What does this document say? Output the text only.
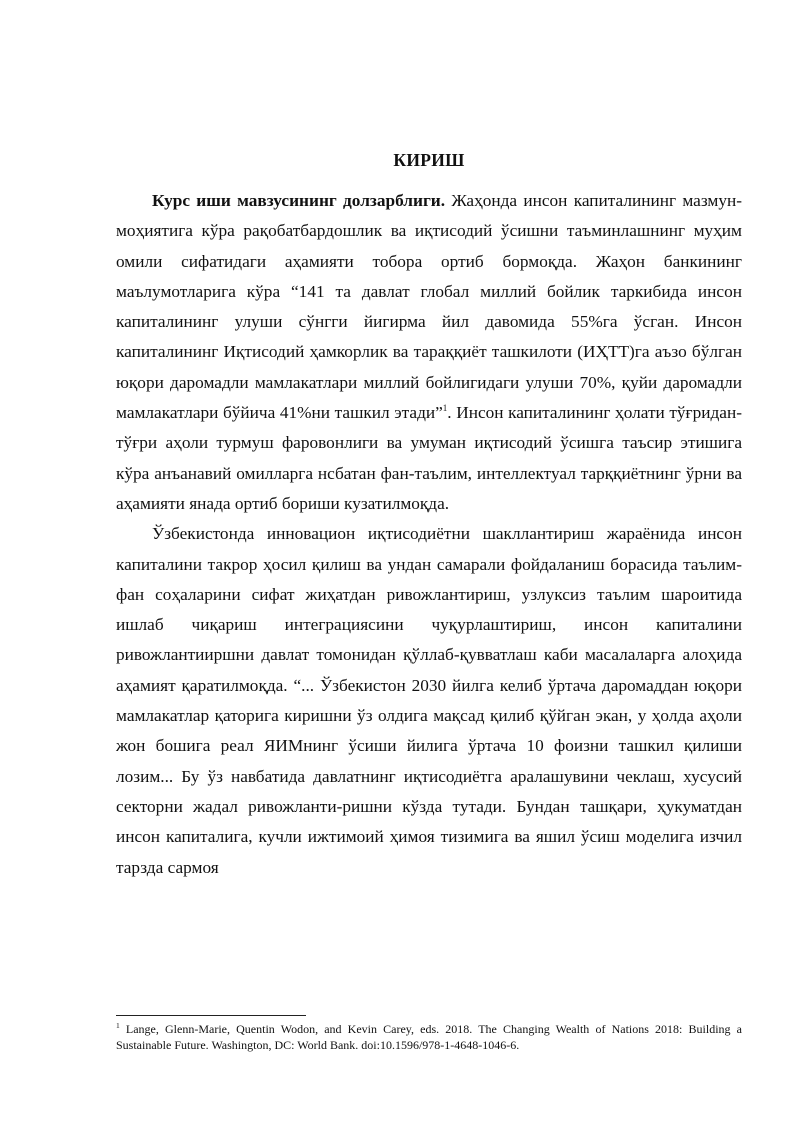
КИРИШ

Курс иши мавзусининг долзарблиги. Жаҳонда инсон капиталининг мазмун-моҳиятига кўра рақобатбардошлик ва иқтисодий ўсишни таъминлашнинг муҳим омили сифатидаги аҳамияти тобора ортиб бормоқда. Жаҳон банкининг маълумотларига кўра “141 та давлат глобал миллий бойлик таркибида инсон капиталининг улуши сўнгги йигирма йил давомида 55%га ўсган. Инсон капиталининг Иқтисодий ҳамкорлик ва тараққиёт ташкилоти (ИҲТТ)га аъзо бўлган юқори даромадли мамлакатлари миллий бойлигидаги улуши 70%, қуйи даромадли мамлакатлари бўйича 41%ни ташкил этади”$^1$. Инсон капиталининг ҳолати тўғридан-тўғри аҳоли турмуш фаровонлиги ва умуман иқтисодий ўсишга таъсир этишига кўра анъанавий омилларга нсбатан фан-таълим, интеллектуал тарққиётнинг ўрни ва аҳамияти янада ортиб бориши кузатилмоқда.

Ўзбекистонда инновацион иқтисодиётни шакллантириш жараёнида инсон капиталини такрор ҳосил қилиш ва ундан самарали фойдаланиш борасида таълим-фан соҳаларини сифат жиҳатдан ривожлантириш, узлуксиз таълим шароитида ишлаб чиқариш интеграциясини чуқурлаштириш, инсон капиталини ривожлантииршни давлат томонидан қўллаб-қувватлаш каби масалаларга алоҳида аҳамият қаратилмоқда. “... Ўзбекистон 2030 йилга келиб ўртача даромаддан юқори мамлакатлар қаторига киришни ўз олдига мақсад қилиб қўйган экан, у ҳолда аҳоли жон бошига реал ЯИМнинг ўсиши йилига ўртача 10 фоизни ташкил қилиши лозим... Бу ўз навбатида давлатнинг иқтисодиётга аралашувини чеклаш, хусусий секторни жадал ривожланти-ришни кўзда тутади. Бундан ташқари, ҳукуматдан инсон капиталига, кучли ижтимоий ҳимоя тизимига ва яшил ўсиш моделига изчил тарзда сармоя

$^1$ Lange, Glenn-Marie, Quentin Wodon, and Kevin Carey, eds. 2018. The Changing Wealth of Nations 2018: Building a Sustainable Future. Washington, DC: World Bank. doi:10.1596/978-1-4648-1046-6.
